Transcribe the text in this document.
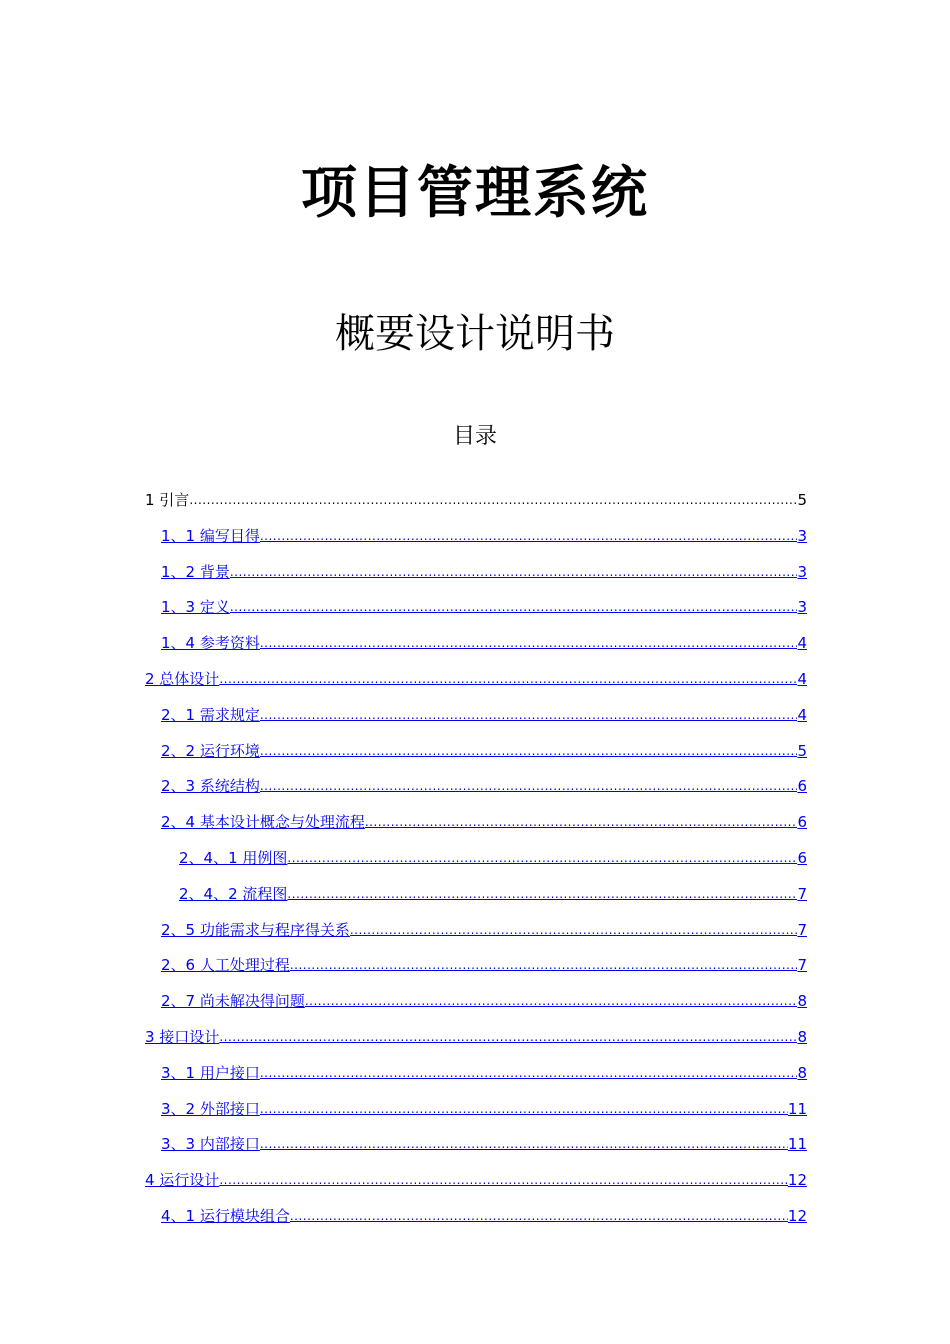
项目管理系统
概要设计说明书
目录
1 引言 .....	5
1、1 编写目得 .....	3
1、2 背景 .....	3
1、3 定义 .....	3
1、4 参考资料 .....	4
2 总体设计 .....	4
2、1 需求规定 .....	4
2、2 运行环境 .....	5
2、3 系统结构 .....	6
2、4 基本设计概念与处理流程 .....	6
2、4、1 用例图 .....	6
2、4、2 流程图 .....	7
2、5 功能需求与程序得关系 .....	7
2、6 人工处理过程 .....	7
2、7 尚未解决得问题 .....	8
3 接口设计 .....	8
3、1 用户接口 .....	8
3、2 外部接口 .....	11
3、3 内部接口 .....	11
4 运行设计 .....	12
4、1 运行模块组合 .....	12
